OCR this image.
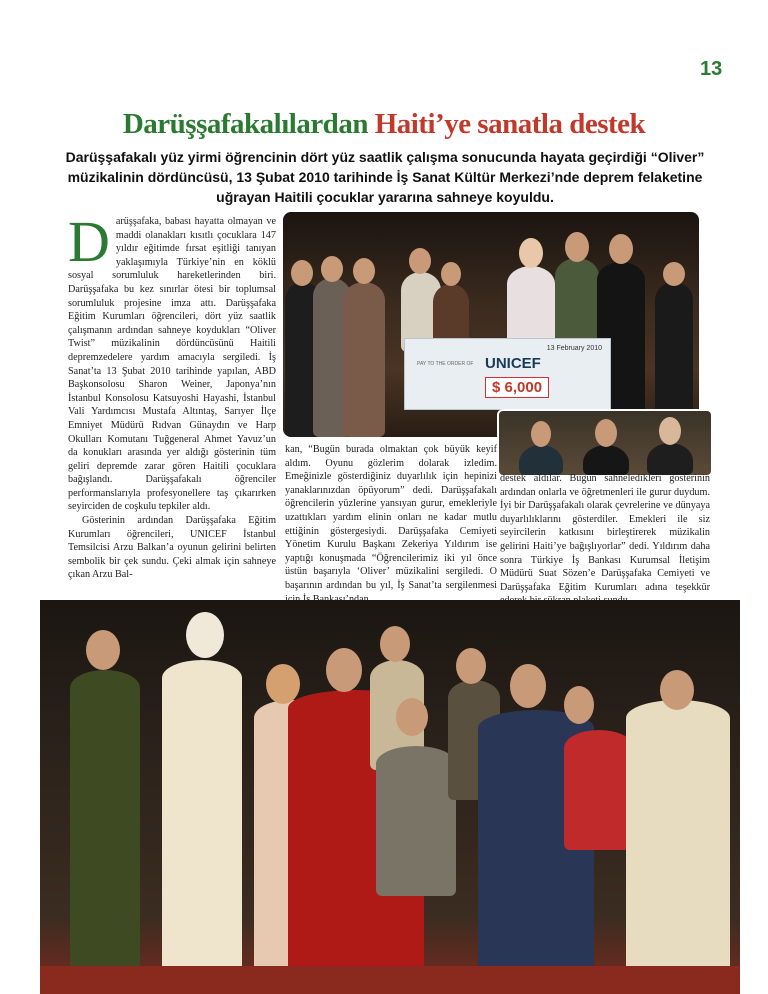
13
Darüşşafakalılardan Haiti’ye sanatla destek

Darüşşafakalı yüz yirmi öğrencinin dört yüz saatlik çalışma sonucunda hayata geçirdiği “Oliver” müzikalinin dördüncüsü, 13 Şubat 2010 tarihinde İş Sanat Kültür Merkezi’nde deprem felaketine uğrayan Haitili çocuklar yararına sahneye koyuldu.

Darüşşafaka, babası hayatta olmayan ve maddi olanakları kısıtlı çocuklara 147 yıldır eğitimde fırsat eşitliği tanıyan yaklaşımıyla Türkiye’nin en köklü sosyal sorumluluk hareketlerinden biri. Darüşşafaka bu kez sınırlar ötesi bir toplumsal sorumluluk projesine imza attı. Darüşşafaka Eğitim Kurumları öğrencileri, dört yüz saatlik çalışmanın ardından sahneye koydukları “Oliver Twist” müzikalinin dördüncüsünü Haitili depremzedelere yardım amacıyla sergiledi. İş Sanat’ta 13 Şubat 2010 tarihinde yapılan, ABD Başkonsolosu Sharon Weiner, Japonya’nın İstanbul Konsolosu Katsuyoshi Hayashi, İstanbul Vali Yardımcısı Mustafa Altıntaş, Sarıyer İlçe Emniyet Müdürü Rıdvan Günaydın ve Harp Okulları Komutanı Tuğgeneral Ahmet Yavuz’un da konukları arasında yer aldığı gösterinin tüm geliri depremde zarar gören Haitili çocuklara bağışlandı. Darüşşafakalı öğrenciler performanslarıyla profesyonellere taş çıkarırken seyirciden de coşkulu tepkiler aldı.

Gösterinin ardından Darüşşafaka Eğitim Kurumları öğrencileri, UNICEF İstanbul Temsilcisi Arzu Balkan’a oyunun gelirini belirten sembolik bir çek sundu. Çeki almak için sahneye çıkan Arzu Bal-

13 February 2010
PAY TO THE ORDER OF UNICEF
$ 6,000
kan, “Bugün burada olmaktan çok büyük keyif aldım. Oyunu gözlerim dolarak izledim. Emeğinizle gösterdiğiniz duyarlılık için hepinizi yanaklarınızdan öpüyorum” dedi. Darüşşafakalı öğrencilerin yüzlerine yansıyan gurur, emekleriyle uzattıkları yardım elinin onları ne kadar mutlu ettiğinin göstergesiydi. Darüşşafaka Cemiyeti Yönetim Kurulu Başkanı Zekeriya Yıldırım ise yaptığı konuşmada “Öğrencilerimiz iki yıl önce üstün başarıyla ‘Oliver’ müzikalini sergiledi. O başarının ardından bu yıl, İş Sanat’ta sergilenmesi
destek aldılar. Bugün sahneledikleri gösterinin ardından onlarla ve öğretmenleri ile gurur duydum. İyi bir Darüşşafakalı olarak çevrelerine ve dünyaya duyarlılıklarını gösterdiler. Emekleri ile siz seyircilerin katkısını birleştirerek müzikalin gelirini Haiti’ye bağışlıyorlar” dedi. Yıldırım daha sonra Türkiye İş Bankası Kurumsal İletişim Müdürü Suat Sözen’e Darüşşafaka Cemiyeti ve Darüşşafaka Eğitim Kurumları adına teşekkür
